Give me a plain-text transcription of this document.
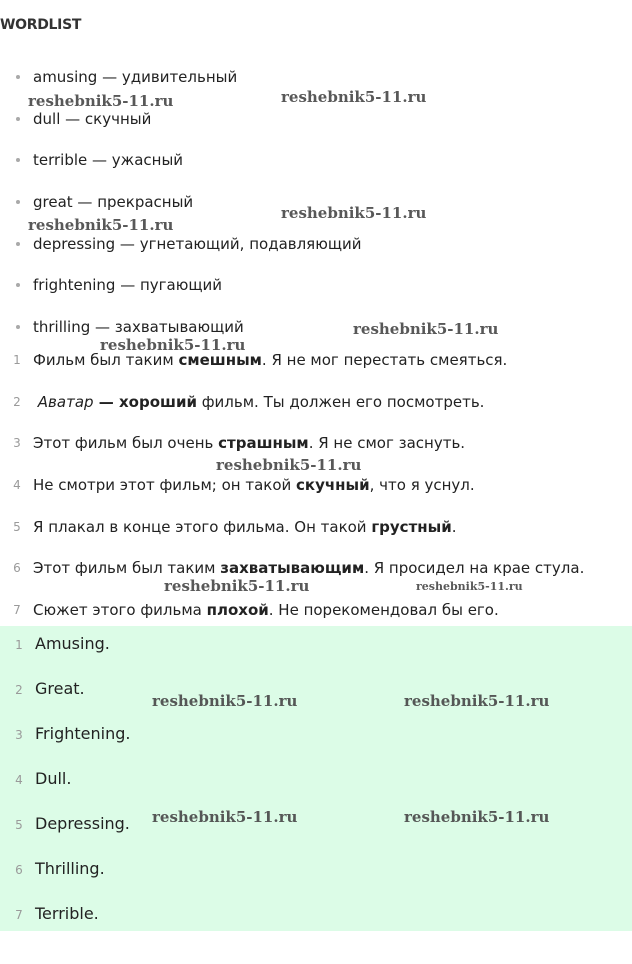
WORDLIST
amusing — удивительный
dull — скучный
terrible — ужасный
great — прекрасный
depressing — угнетающий, подавляющий
frightening — пугающий
thrilling — захватывающий
1 Фильм был таким смешным. Я не мог перестать смеяться.
2	Аватар — хороший фильм. Ты должен его посмотреть.
3 Этот фильм был очень страшным. Я не смог заснуть.
4 Не смотри этот фильм; он такой скучный, что я уснул.
5 Я плакал в конце этого фильма. Он такой грустный.
6 Этот фильм был таким захватывающим. Я просидел на крае стула.
7 Сюжет этого фильма плохой. Не порекомендовал бы его.
1 Amusing.
2 Great.
3 Frightening.
4 Dull.
5 Depressing.
6 Thrilling.
7 Terrible.
reshebnik5-11.ru	reshebnik5-11.ru
reshebnik5-11.ru
reshebnik5-11.ru
reshebnik5-11.ru
reshebnik5-11.ru
reshebnik5-11.ru
reshebnik5-11.ru	reshebnik5-11.ru
reshebnik5-11.ru	reshebnik5-11.ru
reshebnik5-11.ru	reshebnik5-11.ru
